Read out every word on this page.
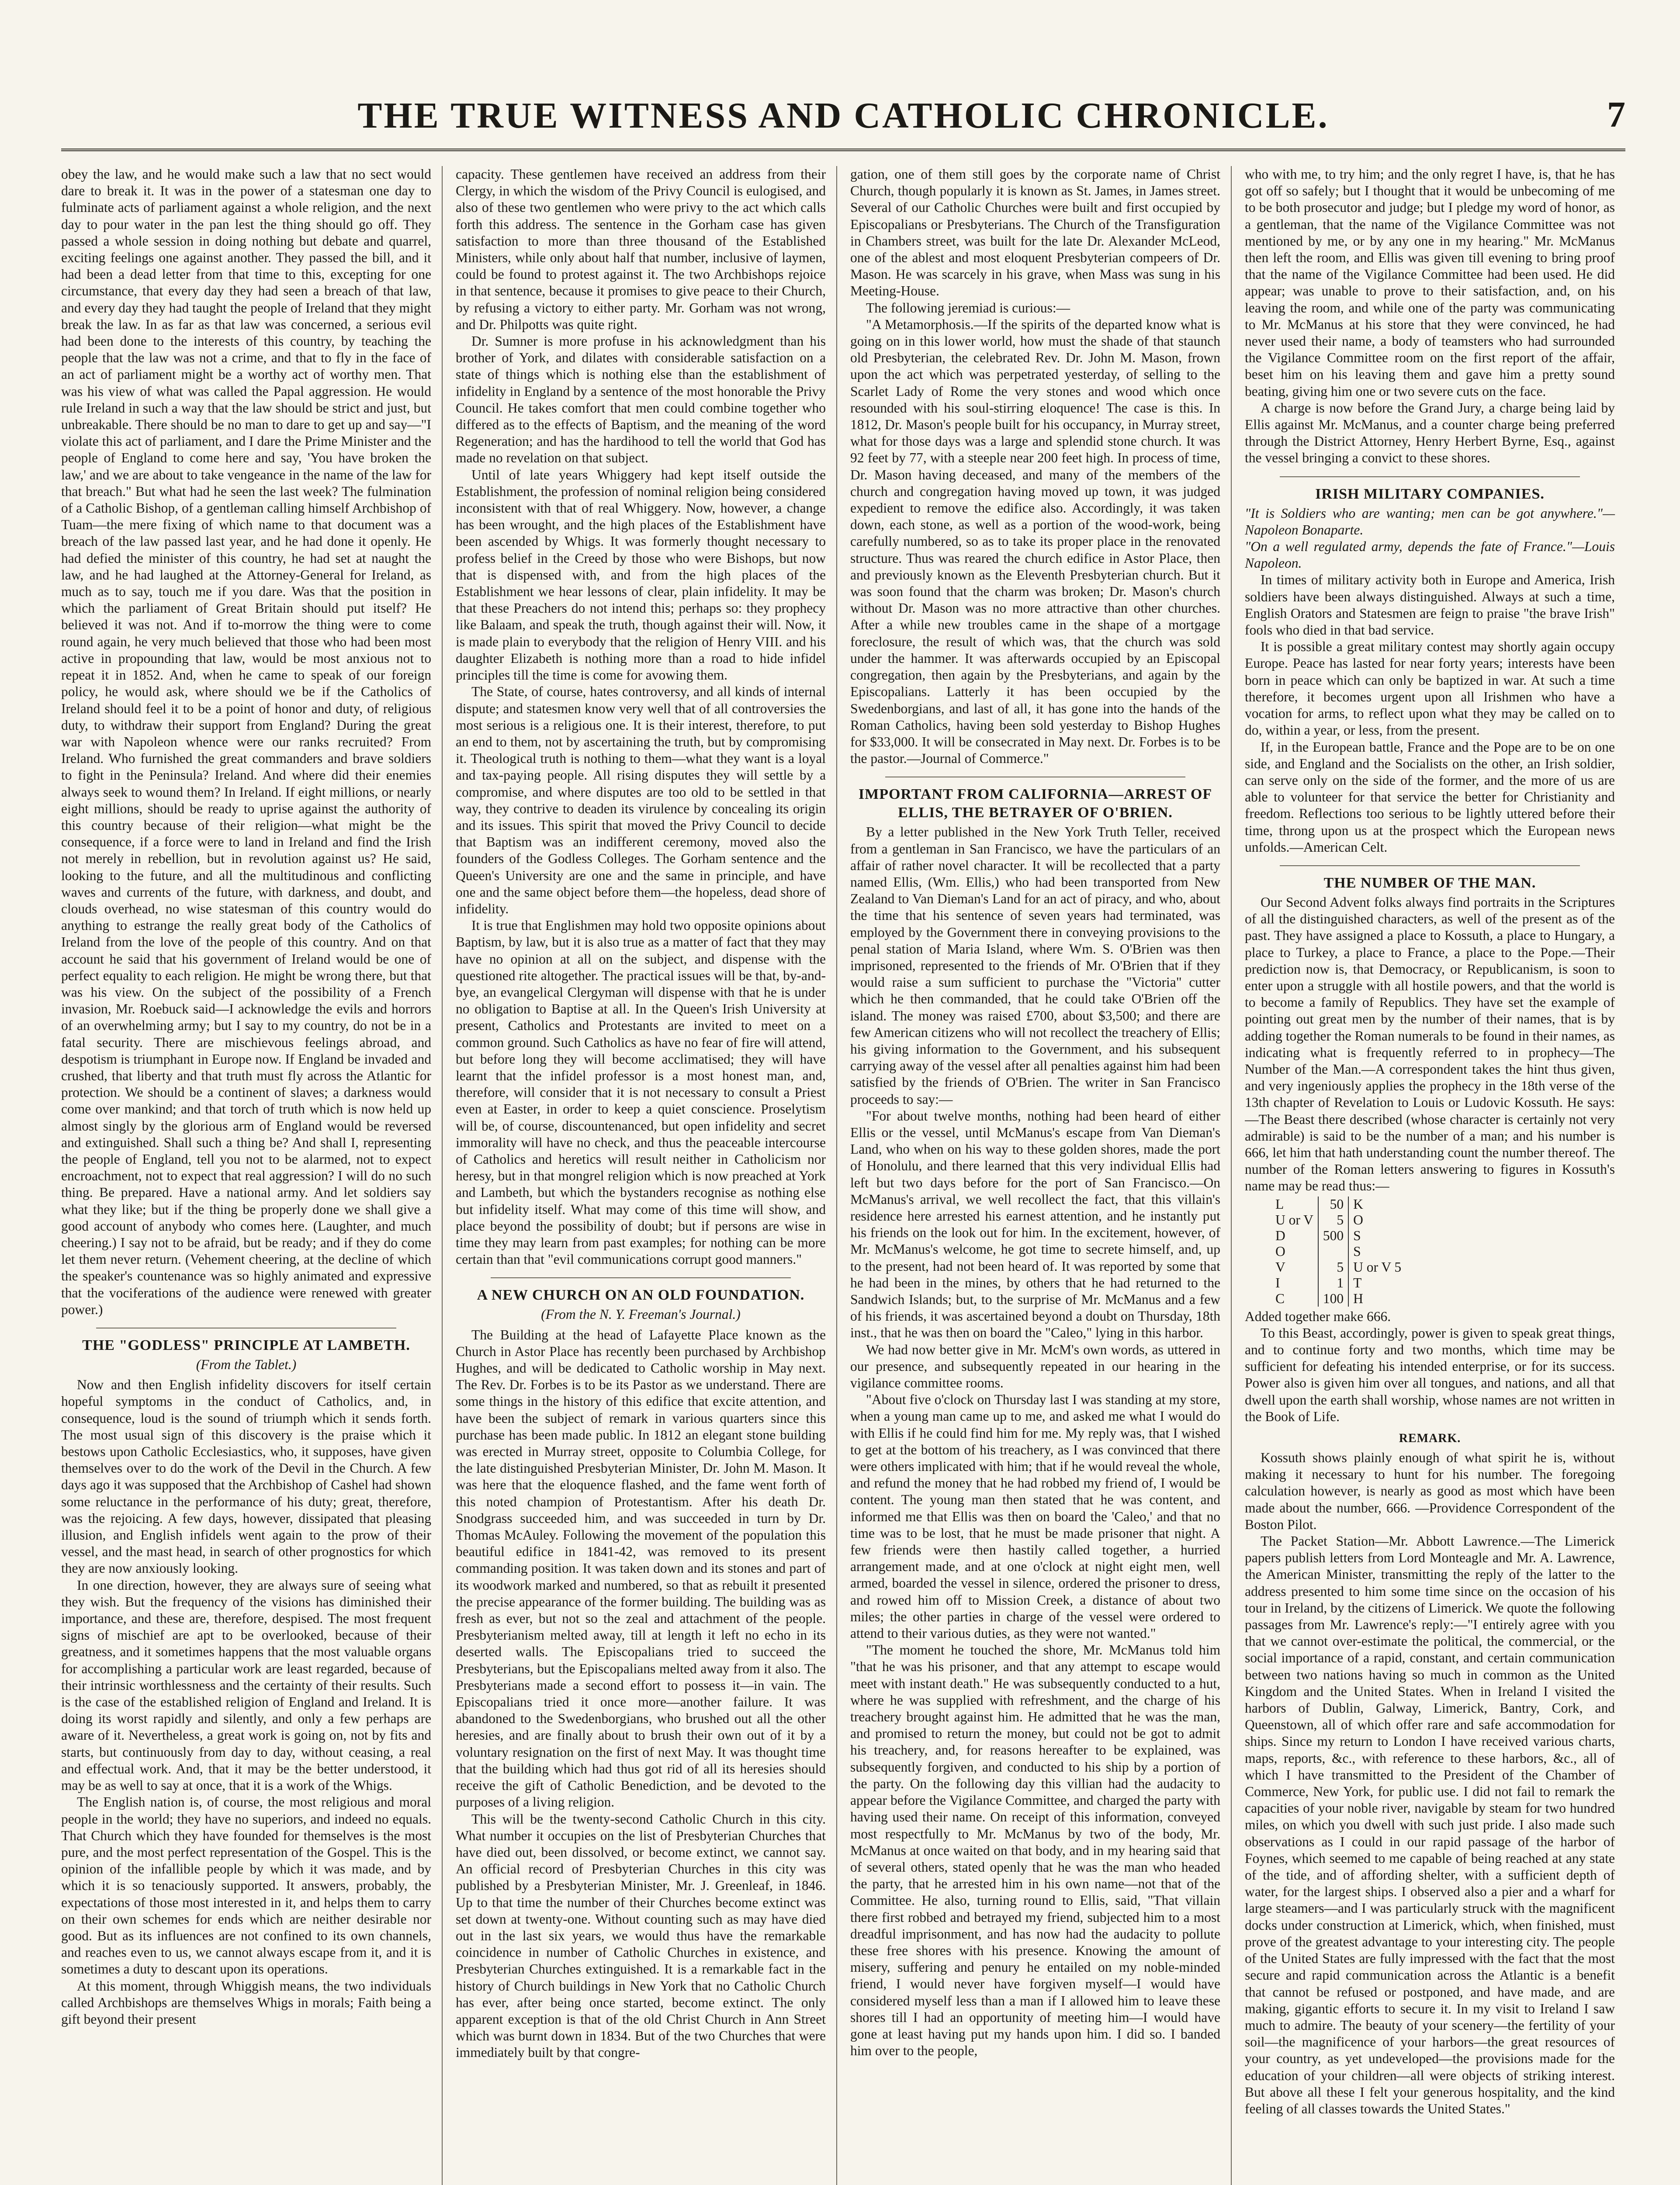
THE TRUE WITNESS AND CATHOLIC CHRONICLE.	7

obey the law, and he would make such a law that no sect would dare to break it. It was in the power of a statesman one day to fulminate acts of parliament against a whole religion, and the next day to pour water in the pan lest the thing should go off. They passed a whole session in doing nothing but debate and quarrel, exciting feelings one against another. They passed the bill, and it had been a dead letter from that time to this, excepting for one circumstance, that every day they had seen a breach of that law, and every day they had taught the people of Ireland that they might break the law. In as far as that law was concerned, a serious evil had been done to the interests of this country, by teaching the people that the law was not a crime, and that to fly in the face of an act of parliament might be a worthy act of worthy men. That was his view of what was called the Papal aggression. He would rule Ireland in such a way that the law should be strict and just, but unbreakable. There should be no man to dare to get up and say—"I violate this act of parliament, and I dare the Prime Minister and the people of England to come here and say, 'You have broken the law,' and we are about to take vengeance in the name of the law for that breach." But what had he seen the last week? The fulmination of a Catholic Bishop, of a gentleman calling himself Archbishop of Tuam—the mere fixing of which name to that document was a breach of the law passed last year, and he had done it openly. He had defied the minister of this country, he had set at naught the law, and he had laughed at the Attorney-General for Ireland, as much as to say, touch me if you dare. Was that the position in which the parliament of Great Britain should put itself? He believed it was not. And if to-morrow the thing were to come round again, he very much believed that those who had been most active in propounding that law, would be most anxious not to repeat it in 1852. And, when he came to speak of our foreign policy, he would ask, where should we be if the Catholics of Ireland should feel it to be a point of honor and duty, of religious duty, to withdraw their support from England? During the great war with Napoleon whence were our ranks recruited? From Ireland. Who furnished the great commanders and brave soldiers to fight in the Peninsula? Ireland. And where did their enemies always seek to wound them? In Ireland. If eight millions, or nearly eight millions, should be ready to uprise against the authority of this country because of their religion—what might be the consequence, if a force were to land in Ireland and find the Irish not merely in rebellion, but in revolution against us? He said, looking to the future, and all the multitudinous and conflicting waves and currents of the future, with darkness, and doubt, and clouds overhead, no wise statesman of this country would do anything to estrange the really great body of the Catholics of Ireland from the love of the people of this country. And on that account he said that his government of Ireland would be one of perfect equality to each religion. He might be wrong there, but that was his view. On the subject of the possibility of a French invasion, Mr. Roebuck said—I acknowledge the evils and horrors of an overwhelming army; but I say to my country, do not be in a fatal security. There are mischievous feelings abroad, and despotism is triumphant in Europe now. If England be invaded and crushed, that liberty and that truth must fly across the Atlantic for protection. We should be a continent of slaves; a darkness would come over mankind; and that torch of truth which is now held up almost singly by the glorious arm of England would be reversed and extinguished. Shall such a thing be? And shall I, representing the people of England, tell you not to be alarmed, not to expect encroachment, not to expect that real aggression? I will do no such thing. Be prepared. Have a national army. And let soldiers say what they like; but if the thing be properly done we shall give a good account of anybody who comes here. (Laughter, and much cheering.) I say not to be afraid, but be ready; and if they do come let them never return. (Vehement cheering, at the decline of which the speaker's countenance was so highly animated and expressive that the vociferations of the audience were renewed with greater power.)

THE "GODLESS" PRINCIPLE AT LAMBETH.

(From the Tablet.)

Now and then English infidelity discovers for itself certain hopeful symptoms in the conduct of Catholics, and, in consequence, loud is the sound of triumph which it sends forth. The most usual sign of this discovery is the praise which it bestows upon Catholic Ecclesiastics, who, it supposes, have given themselves over to do the work of the Devil in the Church. A few days ago it was supposed that the Archbishop of Cashel had shown some reluctance in the performance of his duty; great, therefore, was the rejoicing. A few days, however, dissipated that pleasing illusion, and English infidels went again to the prow of their vessel, and the mast head, in search of other prognostics for which they are now anxiously looking.

In one direction, however, they are always sure of seeing what they wish. But the frequency of the visions has diminished their importance, and these are, therefore, despised. The most frequent signs of mischief are apt to be overlooked, because of their greatness, and it sometimes happens that the most valuable organs for accomplishing a particular work are least regarded, because of their intrinsic worthlessness and the certainty of their results. Such is the case of the established religion of England and Ireland. It is doing its worst rapidly and silently, and only a few perhaps are aware of it. Nevertheless, a great work is going on, not by fits and starts, but continuously from day to day, without ceasing, a real and effectual work. And, that it may be the better understood, it may be as well to say at once, that it is a work of the Whigs.

The English nation is, of course, the most religious and moral people in the world; they have no superiors, and indeed no equals. That Church which they have founded for themselves is the most pure, and the most perfect representation of the Gospel. This is the opinion of the infallible people by which it was made, and by which it is so tenaciously supported. It answers, probably, the expectations of those most interested in it, and helps them to carry on their own schemes for ends which are neither desirable nor good. But as its influences are not confined to its own channels, and reaches even to us, we cannot always escape from it, and it is sometimes a duty to descant upon its operations.

At this moment, through Whiggish means, the two individuals called Archbishops are themselves Whigs in morals; Faith being a gift beyond their present

capacity. These gentlemen have received an address from their Clergy, in which the wisdom of the Privy Council is eulogised, and also of these two gentlemen who were privy to the act which calls forth this address. The sentence in the Gorham case has given satisfaction to more than three thousand of the Established Ministers, while only about half that number, inclusive of laymen, could be found to protest against it. The two Archbishops rejoice in that sentence, because it promises to give peace to their Church, by refusing a victory to either party. Mr. Gorham was not wrong, and Dr. Philpotts was quite right.

Dr. Sumner is more profuse in his acknowledgment than his brother of York, and dilates with considerable satisfaction on a state of things which is nothing else than the establishment of infidelity in England by a sentence of the most honorable the Privy Council. He takes comfort that men could combine together who differed as to the effects of Baptism, and the meaning of the word Regeneration; and has the hardihood to tell the world that God has made no revelation on that subject.

Until of late years Whiggery had kept itself outside the Establishment, the profession of nominal religion being considered inconsistent with that of real Whiggery. Now, however, a change has been wrought, and the high places of the Establishment have been ascended by Whigs. It was formerly thought necessary to profess belief in the Creed by those who were Bishops, but now that is dispensed with, and from the high places of the Establishment we hear lessons of clear, plain infidelity. It may be that these Preachers do not intend this; perhaps so: they prophecy like Balaam, and speak the truth, though against their will. Now, it is made plain to everybody that the religion of Henry VIII. and his daughter Elizabeth is nothing more than a road to hide infidel principles till the time is come for avowing them.

The State, of course, hates controversy, and all kinds of internal dispute; and statesmen know very well that of all controversies the most serious is a religious one. It is their interest, therefore, to put an end to them, not by ascertaining the truth, but by compromising it. Theological truth is nothing to them—what they want is a loyal and tax-paying people. All rising disputes they will settle by a compromise, and where disputes are too old to be settled in that way, they contrive to deaden its virulence by concealing its origin and its issues. This spirit that moved the Privy Council to decide that Baptism was an indifferent ceremony, moved also the founders of the Godless Colleges. The Gorham sentence and the Queen's University are one and the same in principle, and have one and the same object before them—the hopeless, dead shore of infidelity.

It is true that Englishmen may hold two opposite opinions about Baptism, by law, but it is also true as a matter of fact that they may have no opinion at all on the subject, and dispense with the questioned rite altogether. The practical issues will be that, by-and-bye, an evangelical Clergyman will dispense with that he is under no obligation to Baptise at all. In the Queen's Irish University at present, Catholics and Protestants are invited to meet on a common ground. Such Catholics as have no fear of fire will attend, but before long they will become acclimatised; they will have learnt that the infidel professor is a most honest man, and, therefore, will consider that it is not necessary to consult a Priest even at Easter, in order to keep a quiet conscience. Proselytism will be, of course, discountenanced, but open infidelity and secret immorality will have no check, and thus the peaceable intercourse of Catholics and heretics will result neither in Catholicism nor heresy, but in that mongrel religion which is now preached at York and Lambeth, but which the bystanders recognise as nothing else but infidelity itself. What may come of this time will show, and place beyond the possibility of doubt; but if persons are wise in time they may learn from past examples; for nothing can be more certain than that "evil communications corrupt good manners."

A NEW CHURCH ON AN OLD FOUNDATION.

(From the N. Y. Freeman's Journal.)

The Building at the head of Lafayette Place known as the Church in Astor Place has recently been purchased by Archbishop Hughes, and will be dedicated to Catholic worship in May next. The Rev. Dr. Forbes is to be its Pastor as we understand. There are some things in the history of this edifice that excite attention, and have been the subject of remark in various quarters since this purchase has been made public. In 1812 an elegant stone building was erected in Murray street, opposite to Columbia College, for the late distinguished Presbyterian Minister, Dr. John M. Mason. It was here that the eloquence flashed, and the fame went forth of this noted champion of Protestantism. After his death Dr. Snodgrass succeeded him, and was succeeded in turn by Dr. Thomas McAuley. Following the movement of the population this beautiful edifice in 1841-42, was removed to its present commanding position. It was taken down and its stones and part of its woodwork marked and numbered, so that as rebuilt it presented the precise appearance of the former building. The building was as fresh as ever, but not so the zeal and attachment of the people. Presbyterianism melted away, till at length it left no echo in its deserted walls. The Episcopalians tried to succeed the Presbyterians, but the Episcopalians melted away from it also. The Presbyterians made a second effort to possess it—in vain. The Episcopalians tried it once more—another failure. It was abandoned to the Swedenborgians, who brushed out all the other heresies, and are finally about to brush their own out of it by a voluntary resignation on the first of next May. It was thought time that the building which had thus got rid of all its heresies should receive the gift of Catholic Benediction, and be devoted to the purposes of a living religion.

This will be the twenty-second Catholic Church in this city. What number it occupies on the list of Presbyterian Churches that have died out, been dissolved, or become extinct, we cannot say. An official record of Presbyterian Churches in this city was published by a Presbyterian Minister, Mr. J. Greenleaf, in 1846. Up to that time the number of their Churches become extinct was set down at twenty-one. Without counting such as may have died out in the last six years, we would thus have the remarkable coincidence in number of Catholic Churches in existence, and Presbyterian Churches extinguished. It is a remarkable fact in the history of Church buildings in New York that no Catholic Church has ever, after being once started, become extinct. The only apparent exception is that of the old Christ Church in Ann Street which was burnt down in 1834. But of the two Churches that were immediately built by that congre-

gation, one of them still goes by the corporate name of Christ Church, though popularly it is known as St. James, in James street. Several of our Catholic Churches were built and first occupied by Episcopalians or Presbyterians. The Church of the Transfiguration in Chambers street, was built for the late Dr. Alexander McLeod, one of the ablest and most eloquent Presbyterian compeers of Dr. Mason. He was scarcely in his grave, when Mass was sung in his Meeting-House.

The following jeremiad is curious:—

"A Metamorphosis.—If the spirits of the departed know what is going on in this lower world, how must the shade of that staunch old Presbyterian, the celebrated Rev. Dr. John M. Mason, frown upon the act which was perpetrated yesterday, of selling to the Scarlet Lady of Rome the very stones and wood which once resounded with his soul-stirring eloquence! The case is this. In 1812, Dr. Mason's people built for his occupancy, in Murray street, what for those days was a large and splendid stone church. It was 92 feet by 77, with a steeple near 200 feet high. In process of time, Dr. Mason having deceased, and many of the members of the church and congregation having moved up town, it was judged expedient to remove the edifice also. Accordingly, it was taken down, each stone, as well as a portion of the wood-work, being carefully numbered, so as to take its proper place in the renovated structure. Thus was reared the church edifice in Astor Place, then and previously known as the Eleventh Presbyterian church. But it was soon found that the charm was broken; Dr. Mason's church without Dr. Mason was no more attractive than other churches. After a while new troubles came in the shape of a mortgage foreclosure, the result of which was, that the church was sold under the hammer. It was afterwards occupied by an Episcopal congregation, then again by the Presbyterians, and again by the Episcopalians. Latterly it has been occupied by the Swedenborgians, and last of all, it has gone into the hands of the Roman Catholics, having been sold yesterday to Bishop Hughes for $33,000. It will be consecrated in May next. Dr. Forbes is to be the pastor.—Journal of Commerce."

IMPORTANT FROM CALIFORNIA—ARREST OF ELLIS, THE BETRAYER OF O'BRIEN.

By a letter published in the New York Truth Teller, received from a gentleman in San Francisco, we have the particulars of an affair of rather novel character. It will be recollected that a party named Ellis, (Wm. Ellis,) who had been transported from New Zealand to Van Dieman's Land for an act of piracy, and who, about the time that his sentence of seven years had terminated, was employed by the Government there in conveying provisions to the penal station of Maria Island, where Wm. S. O'Brien was then imprisoned, represented to the friends of Mr. O'Brien that if they would raise a sum sufficient to purchase the "Victoria" cutter which he then commanded, that he could take O'Brien off the island. The money was raised £700, about $3,500; and there are few American citizens who will not recollect the treachery of Ellis; his giving information to the Government, and his subsequent carrying away of the vessel after all penalties against him had been satisfied by the friends of O'Brien. The writer in San Francisco proceeds to say:—

"For about twelve months, nothing had been heard of either Ellis or the vessel, until McManus's escape from Van Dieman's Land, who when on his way to these golden shores, made the port of Honolulu, and there learned that this very individual Ellis had left but two days before for the port of San Francisco.—On McManus's arrival, we well recollect the fact, that this villain's residence here arrested his earnest attention, and he instantly put his friends on the look out for him. In the excitement, however, of Mr. McManus's welcome, he got time to secrete himself, and, up to the present, had not been heard of. It was reported by some that he had been in the mines, by others that he had returned to the Sandwich Islands; but, to the surprise of Mr. McManus and a few of his friends, it was ascertained beyond a doubt on Thursday, 18th inst., that he was then on board the "Caleo," lying in this harbor.

We had now better give in Mr. McM's own words, as uttered in our presence, and subsequently repeated in our hearing in the vigilance committee rooms.

"About five o'clock on Thursday last I was standing at my store, when a young man came up to me, and asked me what I would do with Ellis if he could find him for me. My reply was, that I wished to get at the bottom of his treachery, as I was convinced that there were others implicated with him; that if he would reveal the whole, and refund the money that he had robbed my friend of, I would be content. The young man then stated that he was content, and informed me that Ellis was then on board the 'Caleo,' and that no time was to be lost, that he must be made prisoner that night. A few friends were then hastily called together, a hurried arrangement made, and at one o'clock at night eight men, well armed, boarded the vessel in silence, ordered the prisoner to dress, and rowed him off to Mission Creek, a distance of about two miles; the other parties in charge of the vessel were ordered to attend to their various duties, as they were not wanted."

"The moment he touched the shore, Mr. McManus told him "that he was his prisoner, and that any attempt to escape would meet with instant death." He was subsequently conducted to a hut, where he was supplied with refreshment, and the charge of his treachery brought against him. He admitted that he was the man, and promised to return the money, but could not be got to admit his treachery, and, for reasons hereafter to be explained, was subsequently forgiven, and conducted to his ship by a portion of the party. On the following day this villian had the audacity to appear before the Vigilance Committee, and charged the party with having used their name. On receipt of this information, conveyed most respectfully to Mr. McManus by two of the body, Mr. McManus at once waited on that body, and in my hearing said that of several others, stated openly that he was the man who headed the party, that he arrested him in his own name—not that of the Committee. He also, turning round to Ellis, said, "That villain there first robbed and betrayed my friend, subjected him to a most dreadful imprisonment, and has now had the audacity to pollute these free shores with his presence. Knowing the amount of misery, suffering and penury he entailed on my noble-minded friend, I would never have forgiven myself—I would have considered myself less than a man if I allowed him to leave these shores till I had an opportunity of meeting him—I would have gone at least having put my hands upon him. I did so. I banded him over to the people,

who with me, to try him; and the only regret I have, is, that he has got off so safely; but I thought that it would be unbecoming of me to be both prosecutor and judge; but I pledge my word of honor, as a gentleman, that the name of the Vigilance Committee was not mentioned by me, or by any one in my hearing." Mr. McManus then left the room, and Ellis was given till evening to bring proof that the name of the Vigilance Committee had been used. He did appear; was unable to prove to their satisfaction, and, on his leaving the room, and while one of the party was communicating to Mr. McManus at his store that they were convinced, he had never used their name, a body of teamsters who had surrounded the Vigilance Committee room on the first report of the affair, beset him on his leaving them and gave him a pretty sound beating, giving him one or two severe cuts on the face.

A charge is now before the Grand Jury, a charge being laid by Ellis against Mr. McManus, and a counter charge being preferred through the District Attorney, Henry Herbert Byrne, Esq., against the vessel bringing a convict to these shores.

IRISH MILITARY COMPANIES.

"It is Soldiers who are wanting; men can be got anywhere."—Napoleon Bonaparte.

"On a well regulated army, depends the fate of France."—Louis Napoleon.

In times of military activity both in Europe and America, Irish soldiers have been always distinguished. Always at such a time, English Orators and Statesmen are feign to praise "the brave Irish" fools who died in that bad service.

It is possible a great military contest may shortly again occupy Europe. Peace has lasted for near forty years; interests have been born in peace which can only be baptized in war. At such a time therefore, it becomes urgent upon all Irishmen who have a vocation for arms, to reflect upon what they may be called on to do, within a year, or less, from the present.

If, in the European battle, France and the Pope are to be on one side, and England and the Socialists on the other, an Irish soldier, can serve only on the side of the former, and the more of us are able to volunteer for that service the better for Christianity and freedom. Reflections too serious to be lightly uttered before their time, throng upon us at the prospect which the European news unfolds.—American Celt.

THE NUMBER OF THE MAN.

Our Second Advent folks always find portraits in the Scriptures of all the distinguished characters, as well of the present as of the past. They have assigned a place to Kossuth, a place to Hungary, a place to Turkey, a place to France, a place to the Pope.—Their prediction now is, that Democracy, or Republicanism, is soon to enter upon a struggle with all hostile powers, and that the world is to become a family of Republics. They have set the example of pointing out great men by the number of their names, that is by adding together the Roman numerals to be found in their names, as indicating what is frequently referred to in prophecy—The Number of the Man.—A correspondent takes the hint thus given, and very ingeniously applies the prophecy in the 18th verse of the 13th chapter of Revelation to Louis or Ludovic Kossuth. He says:—The Beast there described (whose character is certainly not very admirable) is said to be the number of a man; and his number is 666, let him that hath understanding count the number thereof. The number of the Roman letters answering to figures in Kossuth's name may be read thus:—

L	50	K
U or V	5	O
D	500	S
O		S
V	5	U or V 5
I	1	T
C	100	H

Added together make 666.

To this Beast, accordingly, power is given to speak great things, and to continue forty and two months, which time may be sufficient for defeating his intended enterprise, or for its success. Power also is given him over all tongues, and nations, and all that dwell upon the earth shall worship, whose names are not written in the Book of Life.

REMARK.

Kossuth shows plainly enough of what spirit he is, without making it necessary to hunt for his number. The foregoing calculation however, is nearly as good as most which have been made about the number, 666. —Providence Correspondent of the Boston Pilot.

The Packet Station—Mr. Abbott Lawrence.—The Limerick papers publish letters from Lord Monteagle and Mr. A. Lawrence, the American Minister, transmitting the reply of the latter to the address presented to him some time since on the occasion of his tour in Ireland, by the citizens of Limerick. We quote the following passages from Mr. Lawrence's reply:—"I entirely agree with you that we cannot over-estimate the political, the commercial, or the social importance of a rapid, constant, and certain communication between two nations having so much in common as the United Kingdom and the United States. When in Ireland I visited the harbors of Dublin, Galway, Limerick, Bantry, Cork, and Queenstown, all of which offer rare and safe accommodation for ships. Since my return to London I have received various charts, maps, reports, &c., with reference to these harbors, &c., all of which I have transmitted to the President of the Chamber of Commerce, New York, for public use. I did not fail to remark the capacities of your noble river, navigable by steam for two hundred miles, on which you dwell with such just pride. I also made such observations as I could in our rapid passage of the harbor of Foynes, which seemed to me capable of being reached at any state of the tide, and of affording shelter, with a sufficient depth of water, for the largest ships. I observed also a pier and a wharf for large steamers—and I was particularly struck with the magnificent docks under construction at Limerick, which, when finished, must prove of the greatest advantage to your interesting city. The people of the United States are fully impressed with the fact that the most secure and rapid communication across the Atlantic is a benefit that cannot be refused or postponed, and have made, and are making, gigantic efforts to secure it. In my visit to Ireland I saw much to admire. The beauty of your scenery—the fertility of your soil—the magnificence of your harbors—the great resources of your country, as yet undeveloped—the provisions made for the education of your children—all were objects of striking interest. But above all these I felt your generous hospitality, and the kind feeling of all classes towards the United States."
